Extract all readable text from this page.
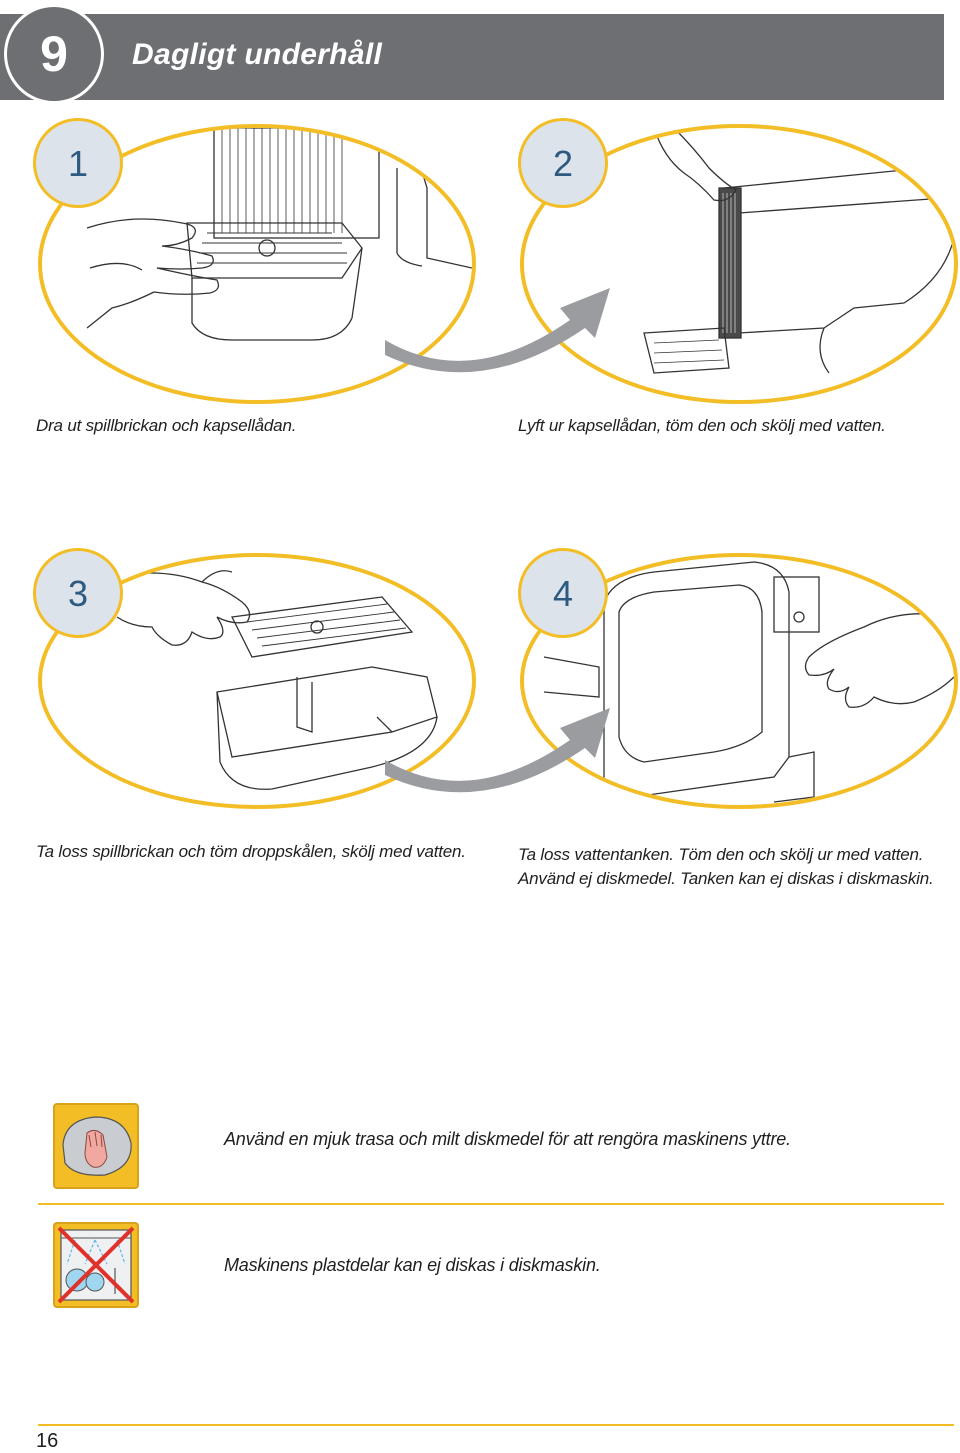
9	Dagligt underhåll
1	2
Dra ut spillbrickan och kapsellådan.	Lyft ur kapsellådan, töm den och skölj med vatten.
3	4
Ta loss spillbrickan och töm droppskålen, skölj med vatten.	Ta loss vattentanken. Töm den och skölj ur med vatten.
Använd ej diskmedel. Tanken kan ej diskas i diskmaskin.
Använd en mjuk trasa och milt diskmedel för att rengöra maskinens yttre.
Maskinens plastdelar kan ej diskas i diskmaskin.
16
